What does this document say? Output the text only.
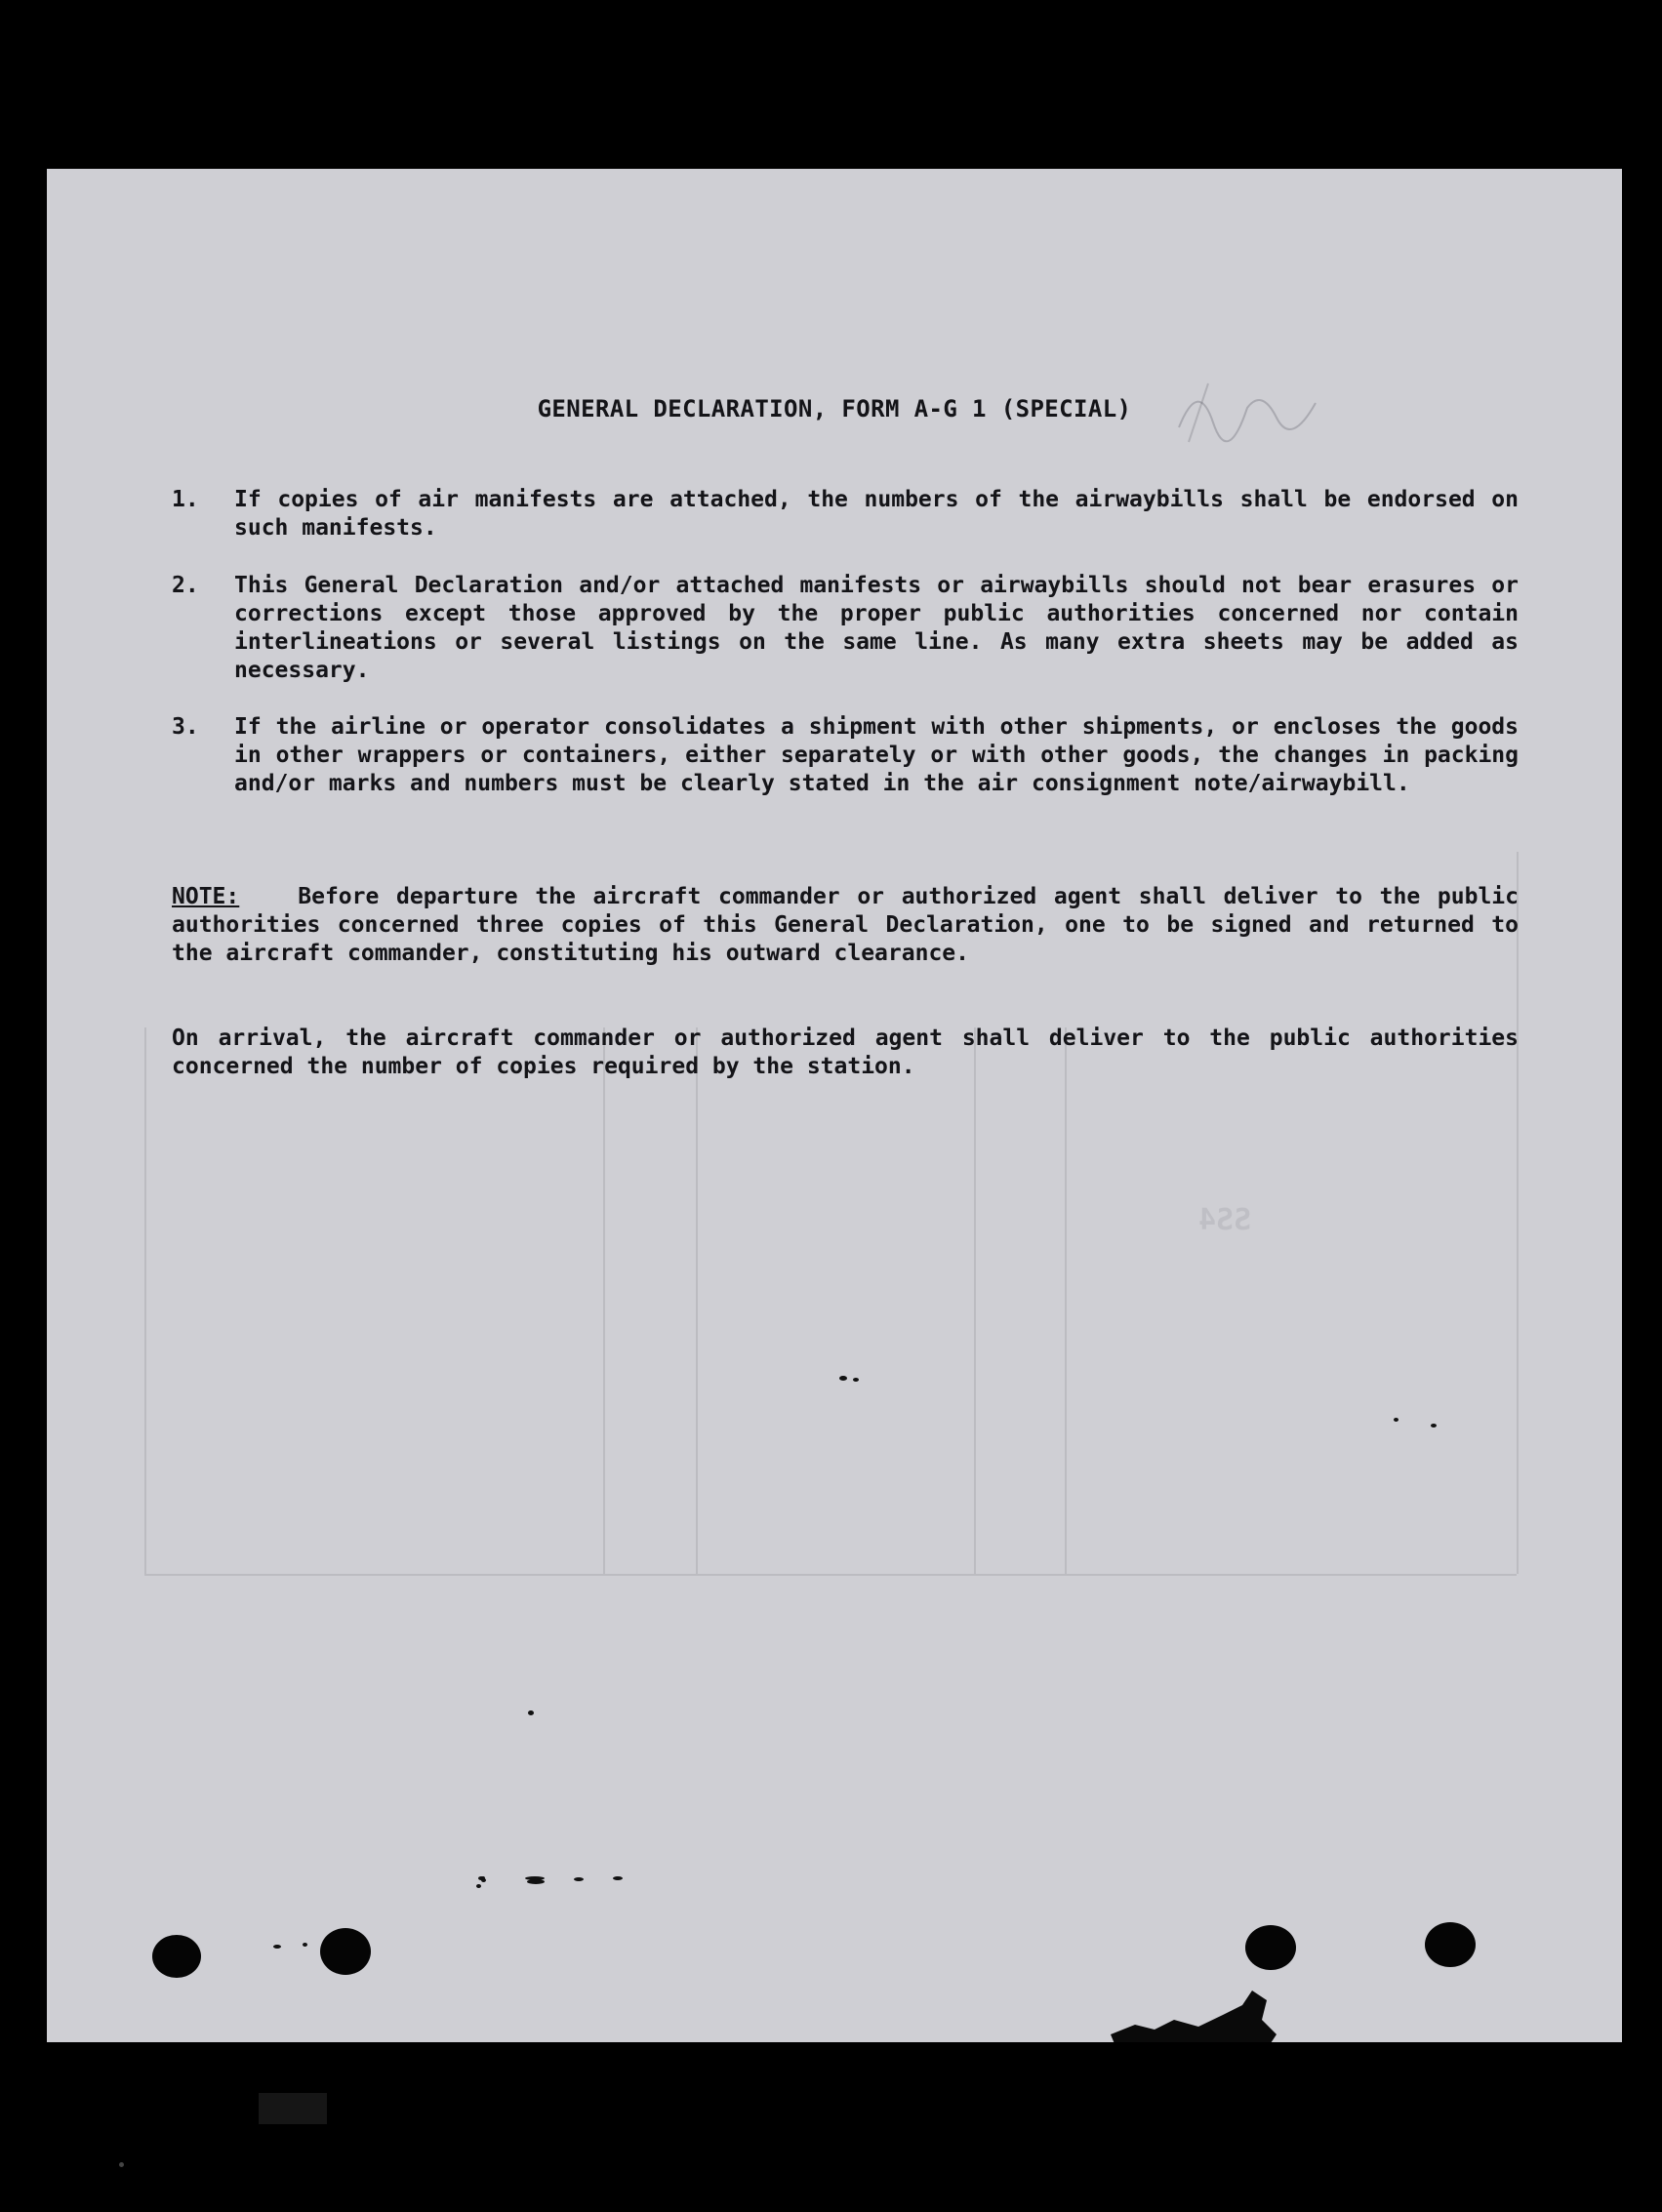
SS4
GENERAL DECLARATION, FORM A-G 1 (SPECIAL)
1. If copies of air manifests are attached, the numbers of the airwaybills shall be endorsed on such manifests.
2. This General Declaration and/or attached manifests or airwaybills should not bear erasures or corrections except those approved by the proper public authorities concerned nor contain interlineations or several listings on the same line. As many extra sheets may be added as necessary.
3. If the airline or operator consolidates a shipment with other shipments, or encloses the goods in other wrappers or containers, either separately or with other goods, the changes in packing and/or marks and numbers must be clearly stated in the air consignment note/airwaybill.
NOTE:	Before departure the aircraft commander or authorized agent shall deliver to the public authorities concerned three copies of this General Declaration, one to be signed and returned to the aircraft commander, constituting his outward clearance.
On arrival, the aircraft commander or authorized agent shall deliver to the public authorities concerned the number of copies required by the station.
